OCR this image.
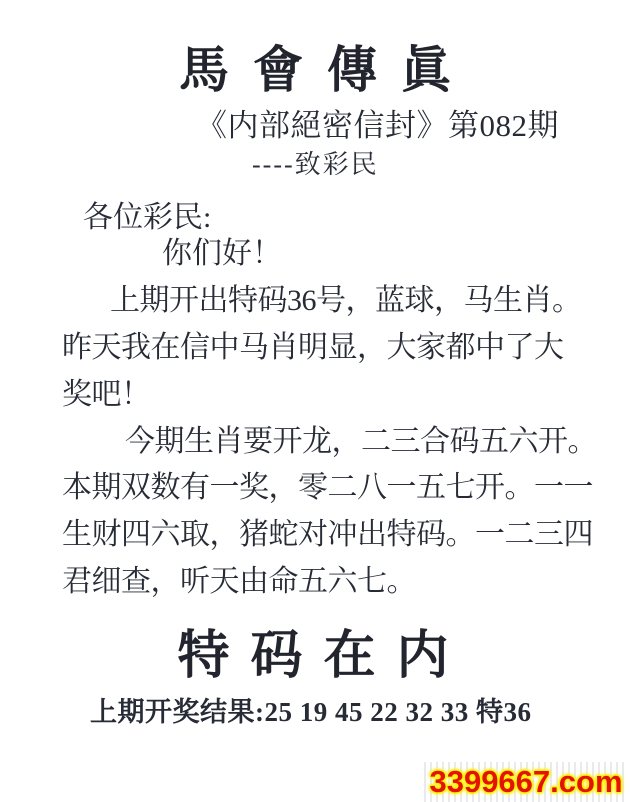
馬會傳眞
《内部絕密信封》第082期
----致彩民
各位彩民:
你们好！
上期开出特码36号，蓝球，马生肖。
昨天我在信中马肖明显，大家都中了大
奖吧！
今期生肖要开龙，二三合码五六开。
本期双数有一奖，零二八一五七开。一一
生财四六取，猪蛇对冲出特码。一二三四
君细查，听天由命五六七。
特 码 在 内
上期开奖结果:25 19 45 22 32 33 特36
3399667.com
